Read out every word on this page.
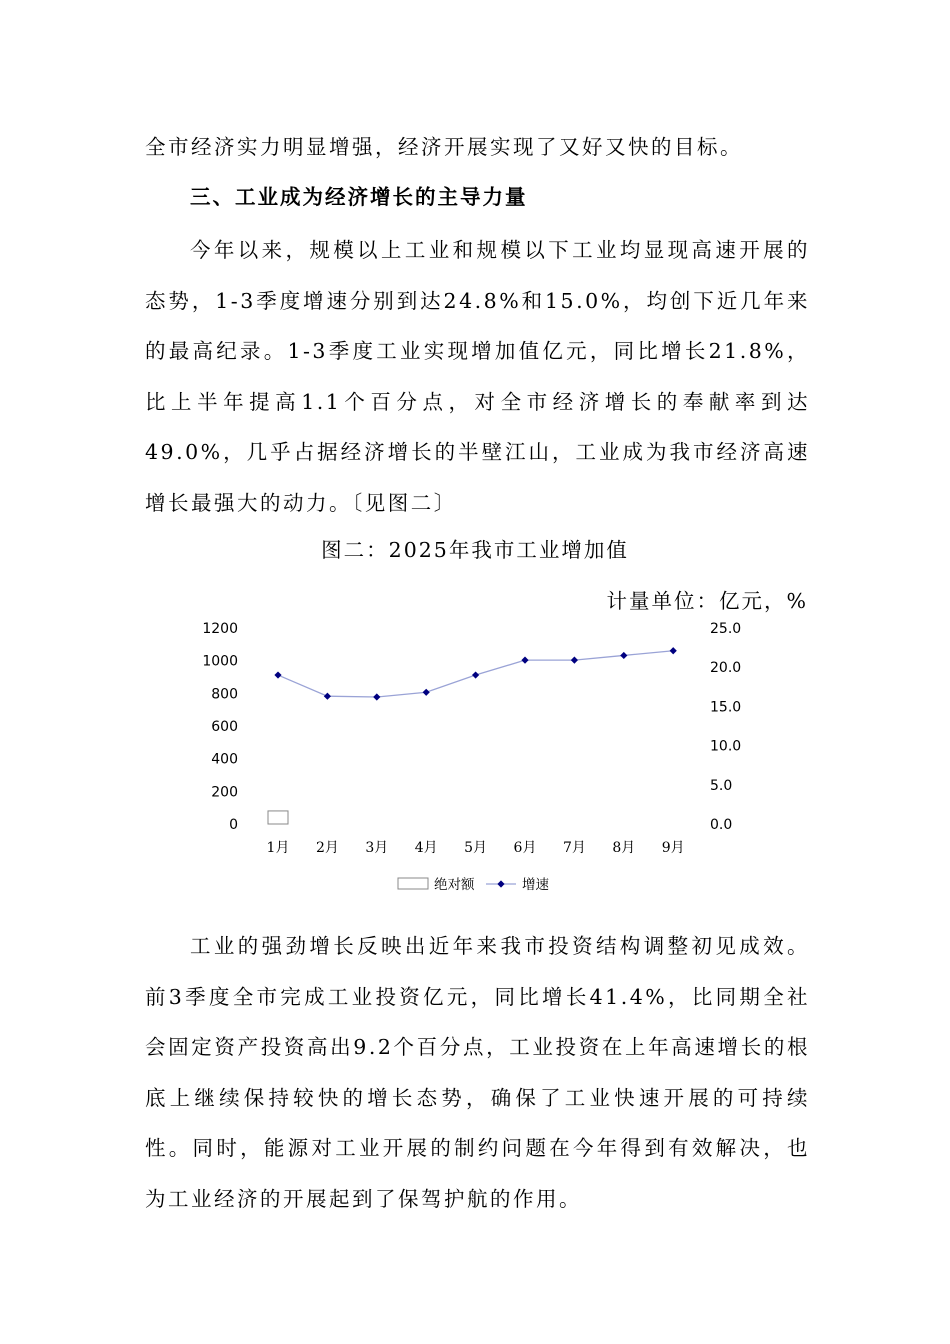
全市经济实力明显增强，经济开展实现了又好又快的目标。

三、工业成为经济增长的主导力量

今年以来，规模以上工业和规模以下工业均显现高速开展的态势，1-3季度增速分别到达24.8%和15.0%，均创下近几年来的最高纪录。1-3季度工业实现增加值亿元，同比增长21.8%，比上半年提高1.1个百分点，对全市经济增长的奉献率到达49.0%，几乎占据经济增长的半壁江山，工业成为我市经济高速增长最强大的动力。〔见图二〕

图二：2025年我市工业增加值

计量单位：亿元，%

1200
1000
800
600
400
200
0
25.0
20.0
15.0
10.0
5.0
0.0
1月 2月 3月 4月 5月 6月 7月 8月 9月
绝对额	增速

工业的强劲增长反映出近年来我市投资结构调整初见成效。前3季度全市完成工业投资亿元，同比增长41.4%，比同期全社会固定资产投资高出9.2个百分点，工业投资在上年高速增长的根底上继续保持较快的增长态势，确保了工业快速开展的可持续性。同时，能源对工业开展的制约问题在今年得到有效解决，也为工业经济的开展起到了保驾护航的作用。
